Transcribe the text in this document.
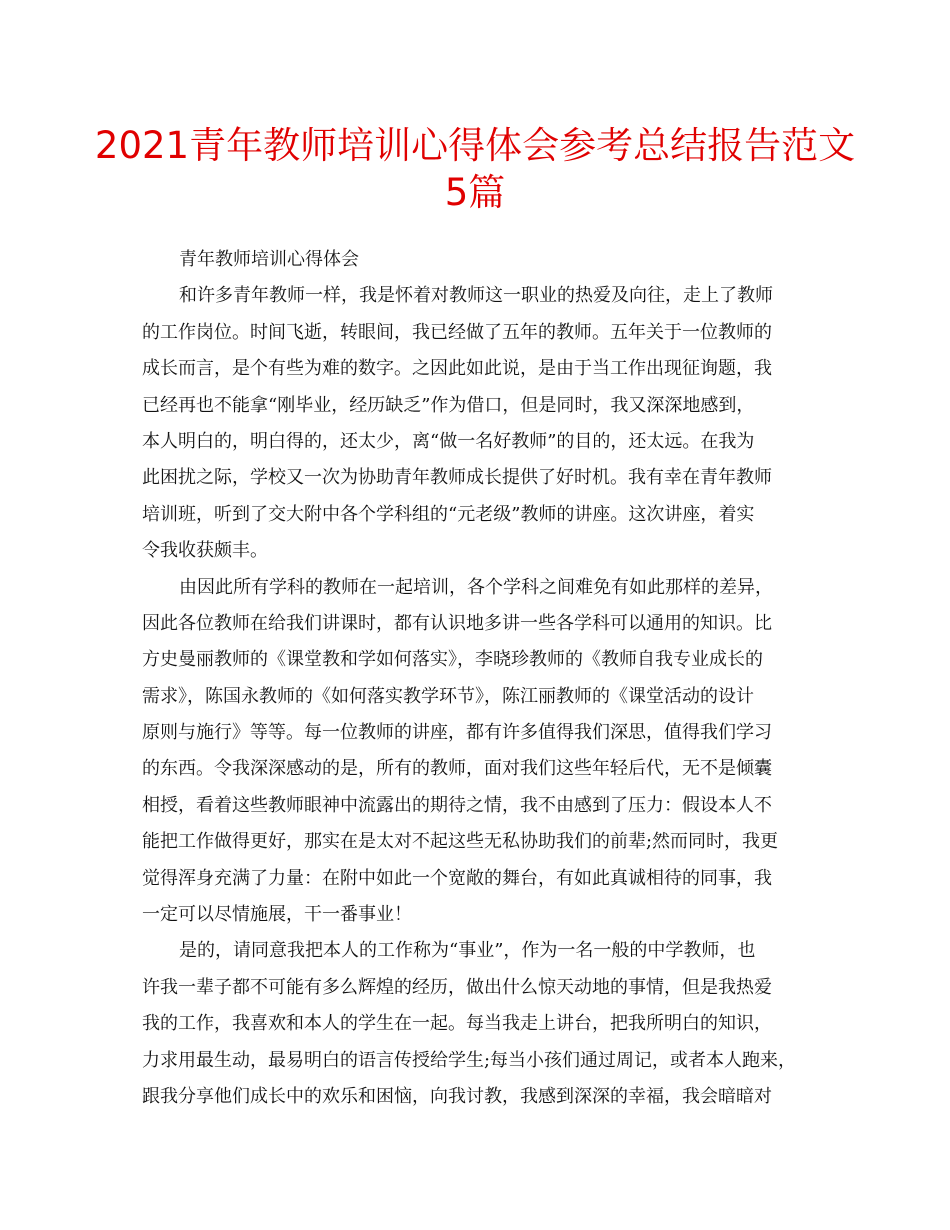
2021青年教师培训心得体会参考总结报告范文
5篇
青年教师培训心得体会
和许多青年教师一样，我是怀着对教师这一职业的热爱及向往，走上了教师
的工作岗位。时间飞逝，转眼间，我已经做了五年的教师。五年关于一位教师的
成长而言，是个有些为难的数字。之因此如此说，是由于当工作出现征询题，我
已经再也不能拿“刚毕业，经历缺乏”作为借口，但是同时，我又深深地感到，
本人明白的，明白得的，还太少，离“做一名好教师”的目的，还太远。在我为
此困扰之际，学校又一次为协助青年教师成长提供了好时机。我有幸在青年教师
培训班，听到了交大附中各个学科组的“元老级”教师的讲座。这次讲座，着实
令我收获颇丰。
由因此所有学科的教师在一起培训，各个学科之间难免有如此那样的差异，
因此各位教师在给我们讲课时，都有认识地多讲一些各学科可以通用的知识。比
方史曼丽教师的《课堂教和学如何落实》，李晓珍教师的《教师自我专业成长的
需求》，陈国永教师的《如何落实教学环节》，陈江丽教师的《课堂活动的设计
原则与施行》等等。每一位教师的讲座，都有许多值得我们深思，值得我们学习
的东西。令我深深感动的是，所有的教师，面对我们这些年轻后代，无不是倾囊
相授，看着这些教师眼神中流露出的期待之情，我不由感到了压力：假设本人不
能把工作做得更好，那实在是太对不起这些无私协助我们的前辈;然而同时，我更
觉得浑身充满了力量：在附中如此一个宽敞的舞台，有如此真诚相待的同事，我
一定可以尽情施展，干一番事业！
是的，请同意我把本人的工作称为“事业”，作为一名一般的中学教师，也
许我一辈子都不可能有多么辉煌的经历，做出什么惊天动地的事情，但是我热爱
我的工作，我喜欢和本人的学生在一起。每当我走上讲台，把我所明白的知识，
力求用最生动，最易明白的语言传授给学生;每当小孩们通过周记，或者本人跑来，
跟我分享他们成长中的欢乐和困恼，向我讨教，我感到深深的幸福，我会暗暗对
